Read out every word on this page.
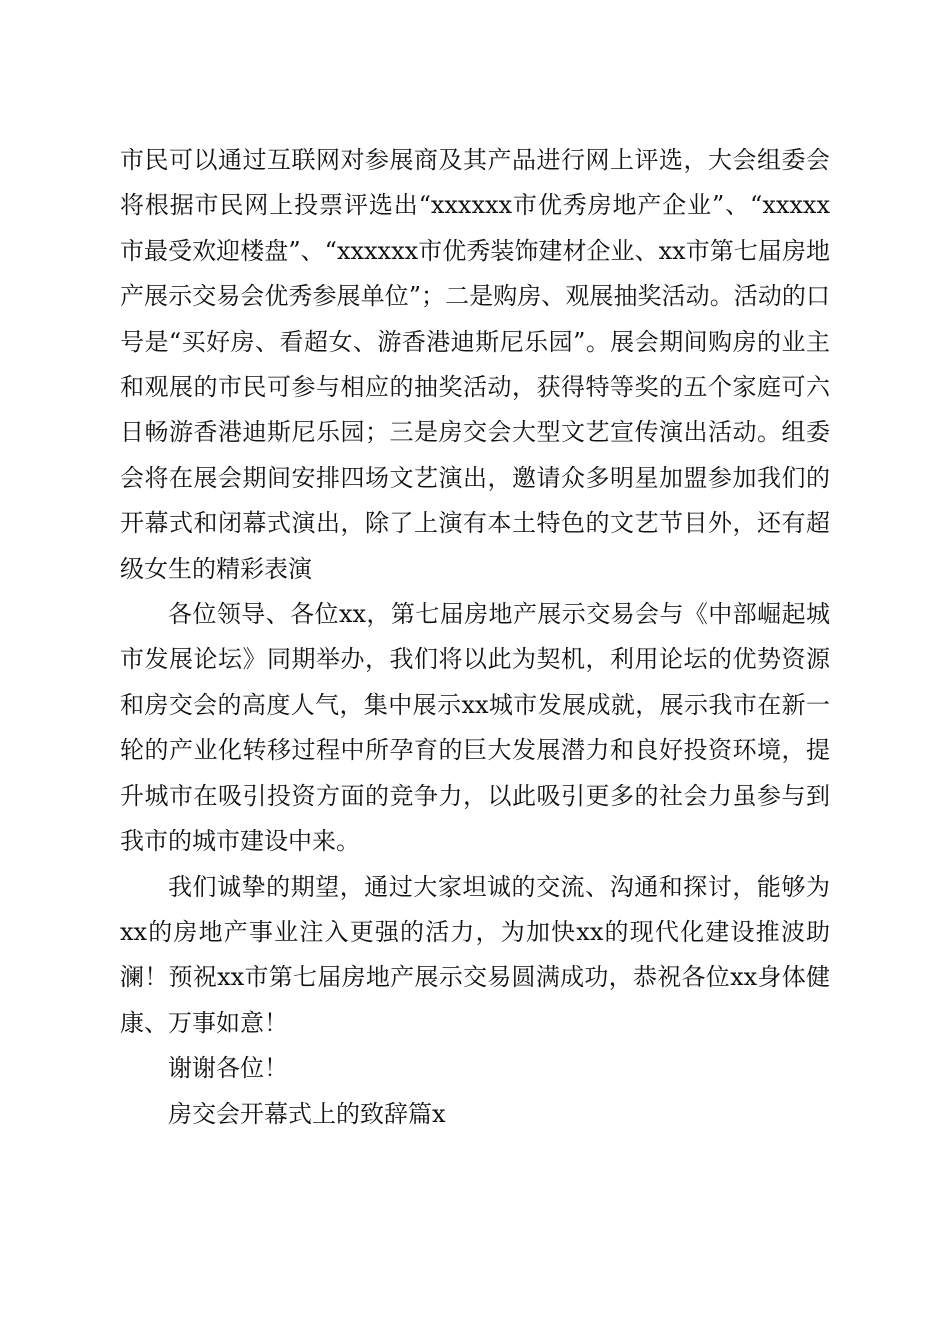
市民可以通过互联网对参展商及其产品进行网上评选，大会组委会将根据市民网上投票评选出“xxxxxx市优秀房地产企业”、“xxxxx市最受欢迎楼盘”、“xxxxxx市优秀装饰建材企业、xx市第七届房地产展示交易会优秀参展单位”；二是购房、观展抽奖活动。活动的口号是“买好房、看超女、游香港迪斯尼乐园”。展会期间购房的业主和观展的市民可参与相应的抽奖活动，获得特等奖的五个家庭可六日畅游香港迪斯尼乐园；三是房交会大型文艺宣传演出活动。组委会将在展会期间安排四场文艺演出，邀请众多明星加盟参加我们的开幕式和闭幕式演出，除了上演有本土特色的文艺节目外，还有超级女生的精彩表演

各位领导、各位xx，第七届房地产展示交易会与《中部崛起城市发展论坛》同期举办，我们将以此为契机，利用论坛的优势资源和房交会的高度人气，集中展示xx城市发展成就，展示我市在新一轮的产业化转移过程中所孕育的巨大发展潜力和良好投资环境，提升城市在吸引投资方面的竞争力，以此吸引更多的社会力虽参与到我市的城市建设中来。

我们诚挚的期望，通过大家坦诚的交流、沟通和探讨，能够为xx的房地产事业注入更强的活力，为加快xx的现代化建设推波助澜！预祝xx市第七届房地产展示交易圆满成功，恭祝各位xx身体健康、万事如意！

谢谢各位！

房交会开幕式上的致辞篇x
